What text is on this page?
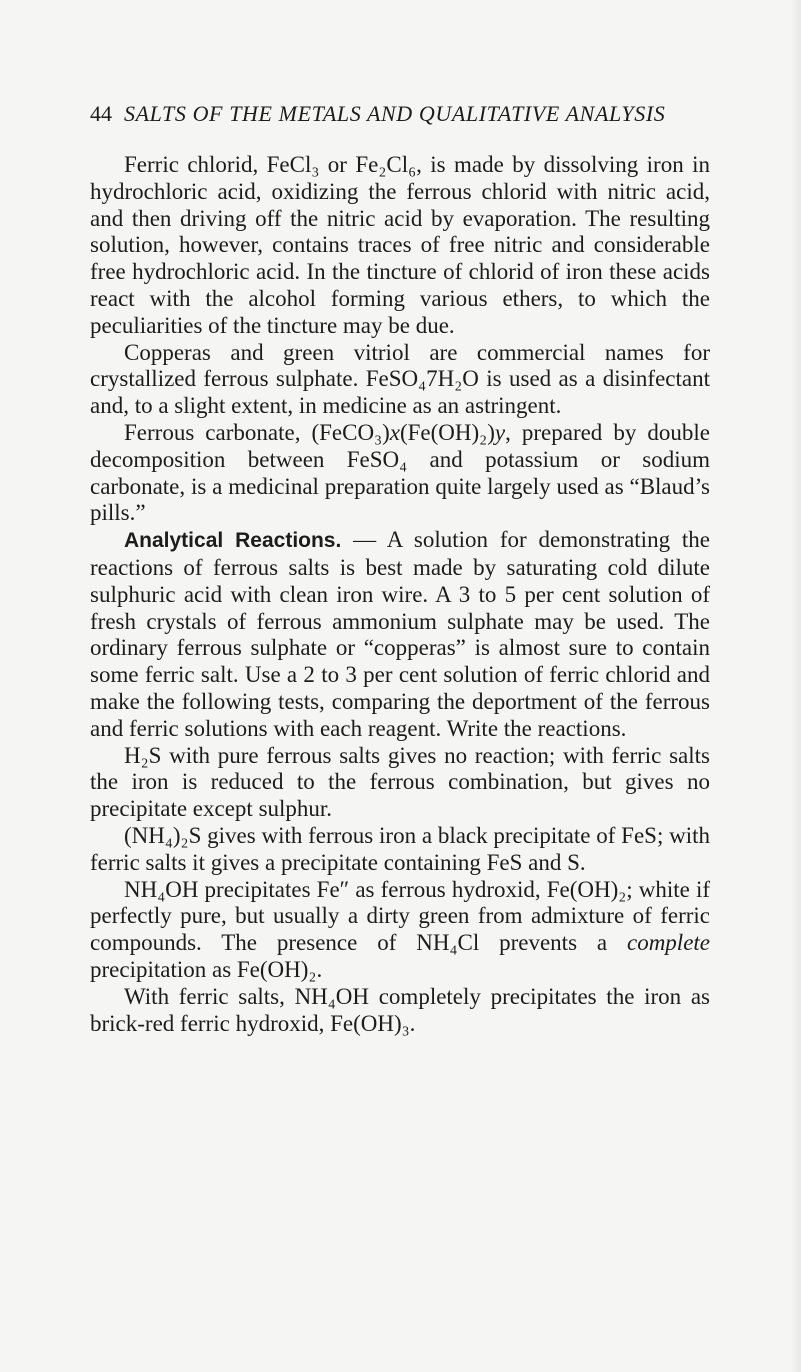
44 SALTS OF THE METALS AND QUALITATIVE ANALYSIS

Ferric chlorid, FeCl₃ or Fe₂Cl₆, is made by dissolving iron in hydrochloric acid, oxidizing the ferrous chlorid with nitric acid, and then driving off the nitric acid by evaporation. The resulting solution, however, contains traces of free nitric and considerable free hydrochloric acid. In the tincture of chlorid of iron these acids react with the alcohol forming various ethers, to which the peculiarities of the tincture may be due.

Copperas and green vitriol are commercial names for crystallized ferrous sulphate. FeSO₄7H₂O is used as a disinfectant and, to a slight extent, in medicine as an astringent.

Ferrous carbonate, (FeCO₃)x(Fe(OH)₂)y, prepared by double decomposition between FeSO₄ and potassium or sodium carbonate, is a medicinal preparation quite largely used as “Blaud’s pills.”

Analytical Reactions. — A solution for demonstrating the reactions of ferrous salts is best made by saturating cold dilute sulphuric acid with clean iron wire. A 3 to 5 per cent solution of fresh crystals of ferrous ammonium sulphate may be used. The ordinary ferrous sulphate or “copperas” is almost sure to contain some ferric salt. Use a 2 to 3 per cent solution of ferric chlorid and make the following tests, comparing the deportment of the ferrous and ferric solutions with each reagent. Write the reactions.

H₂S with pure ferrous salts gives no reaction; with ferric salts the iron is reduced to the ferrous combination, but gives no precipitate except sulphur.

(NH₄)₂S gives with ferrous iron a black precipitate of FeS; with ferric salts it gives a precipitate containing FeS and S.

NH₄OH precipitates Fe″ as ferrous hydroxid, Fe(OH)₂; white if perfectly pure, but usually a dirty green from admixture of ferric compounds. The presence of NH₄Cl prevents a complete precipitation as Fe(OH)₂.

With ferric salts, NH₄OH completely precipitates the iron as brick-red ferric hydroxid, Fe(OH)₃.
